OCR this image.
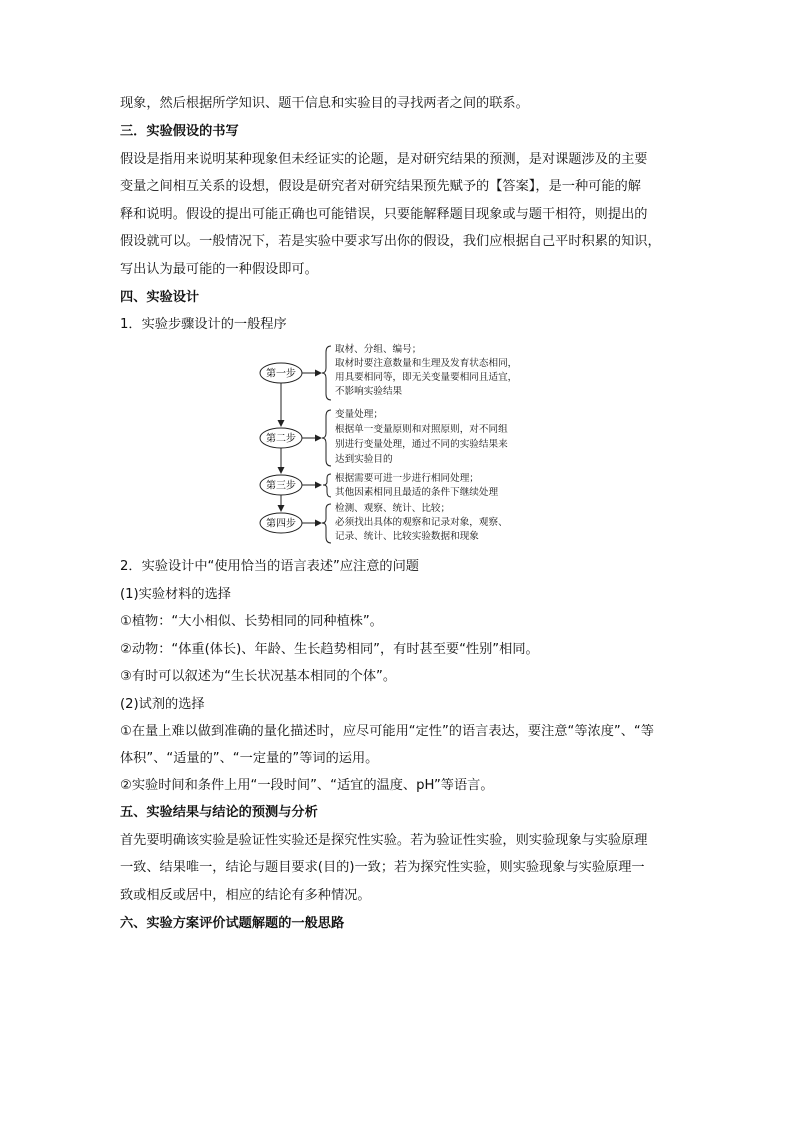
现象，然后根据所学知识、题干信息和实验目的寻找两者之间的联系。
三．实验假设的书写
假设是指用来说明某种现象但未经证实的论题，是对研究结果的预测，是对课题涉及的主要
变量之间相互关系的设想，假设是研究者对研究结果预先赋予的【答案】，是一种可能的解
释和说明。假设的提出可能正确也可能错误，只要能解释题目现象或与题干相符，则提出的
假设就可以。一般情况下，若是实验中要求写出你的假设，我们应根据自己平时积累的知识，
写出认为最可能的一种假设即可。
四、实验设计
1．实验步骤设计的一般程序
第一步
第二步
第三步
第四步
取材、分组、编号；
取材时要注意数量和生理及发育状态相同，
用具要相同等，即无关变量要相同且适宜，
不影响实验结果
变量处理；
根据单一变量原则和对照原则，对不同组
别进行变量处理，通过不同的实验结果来
达到实验目的
根据需要可进一步进行相同处理；
其他因素相同且最适的条件下继续处理
检测、观察、统计、比较；
必须找出具体的观察和记录对象，观察、
记录、统计、比较实验数据和现象
2．实验设计中“使用恰当的语言表述”应注意的问题
(1)实验材料的选择
①植物：“大小相似、长势相同的同种植株”。
②动物：“体重(体长)、年龄、生长趋势相同”，有时甚至要“性别”相同。
③有时可以叙述为“生长状况基本相同的个体”。
(2)试剂的选择
①在量上难以做到准确的量化描述时，应尽可能用“定性”的语言表达，要注意“等浓度”、“等
体积”、“适量的”、“一定量的”等词的运用。
②实验时间和条件上用“一段时间”、“适宜的温度、pH”等语言。
五、实验结果与结论的预测与分析
首先要明确该实验是验证性实验还是探究性实验。若为验证性实验，则实验现象与实验原理
一致、结果唯一，结论与题目要求(目的)一致；若为探究性实验，则实验现象与实验原理一
致或相反或居中，相应的结论有多种情况。
六、实验方案评价试题解题的一般思路
